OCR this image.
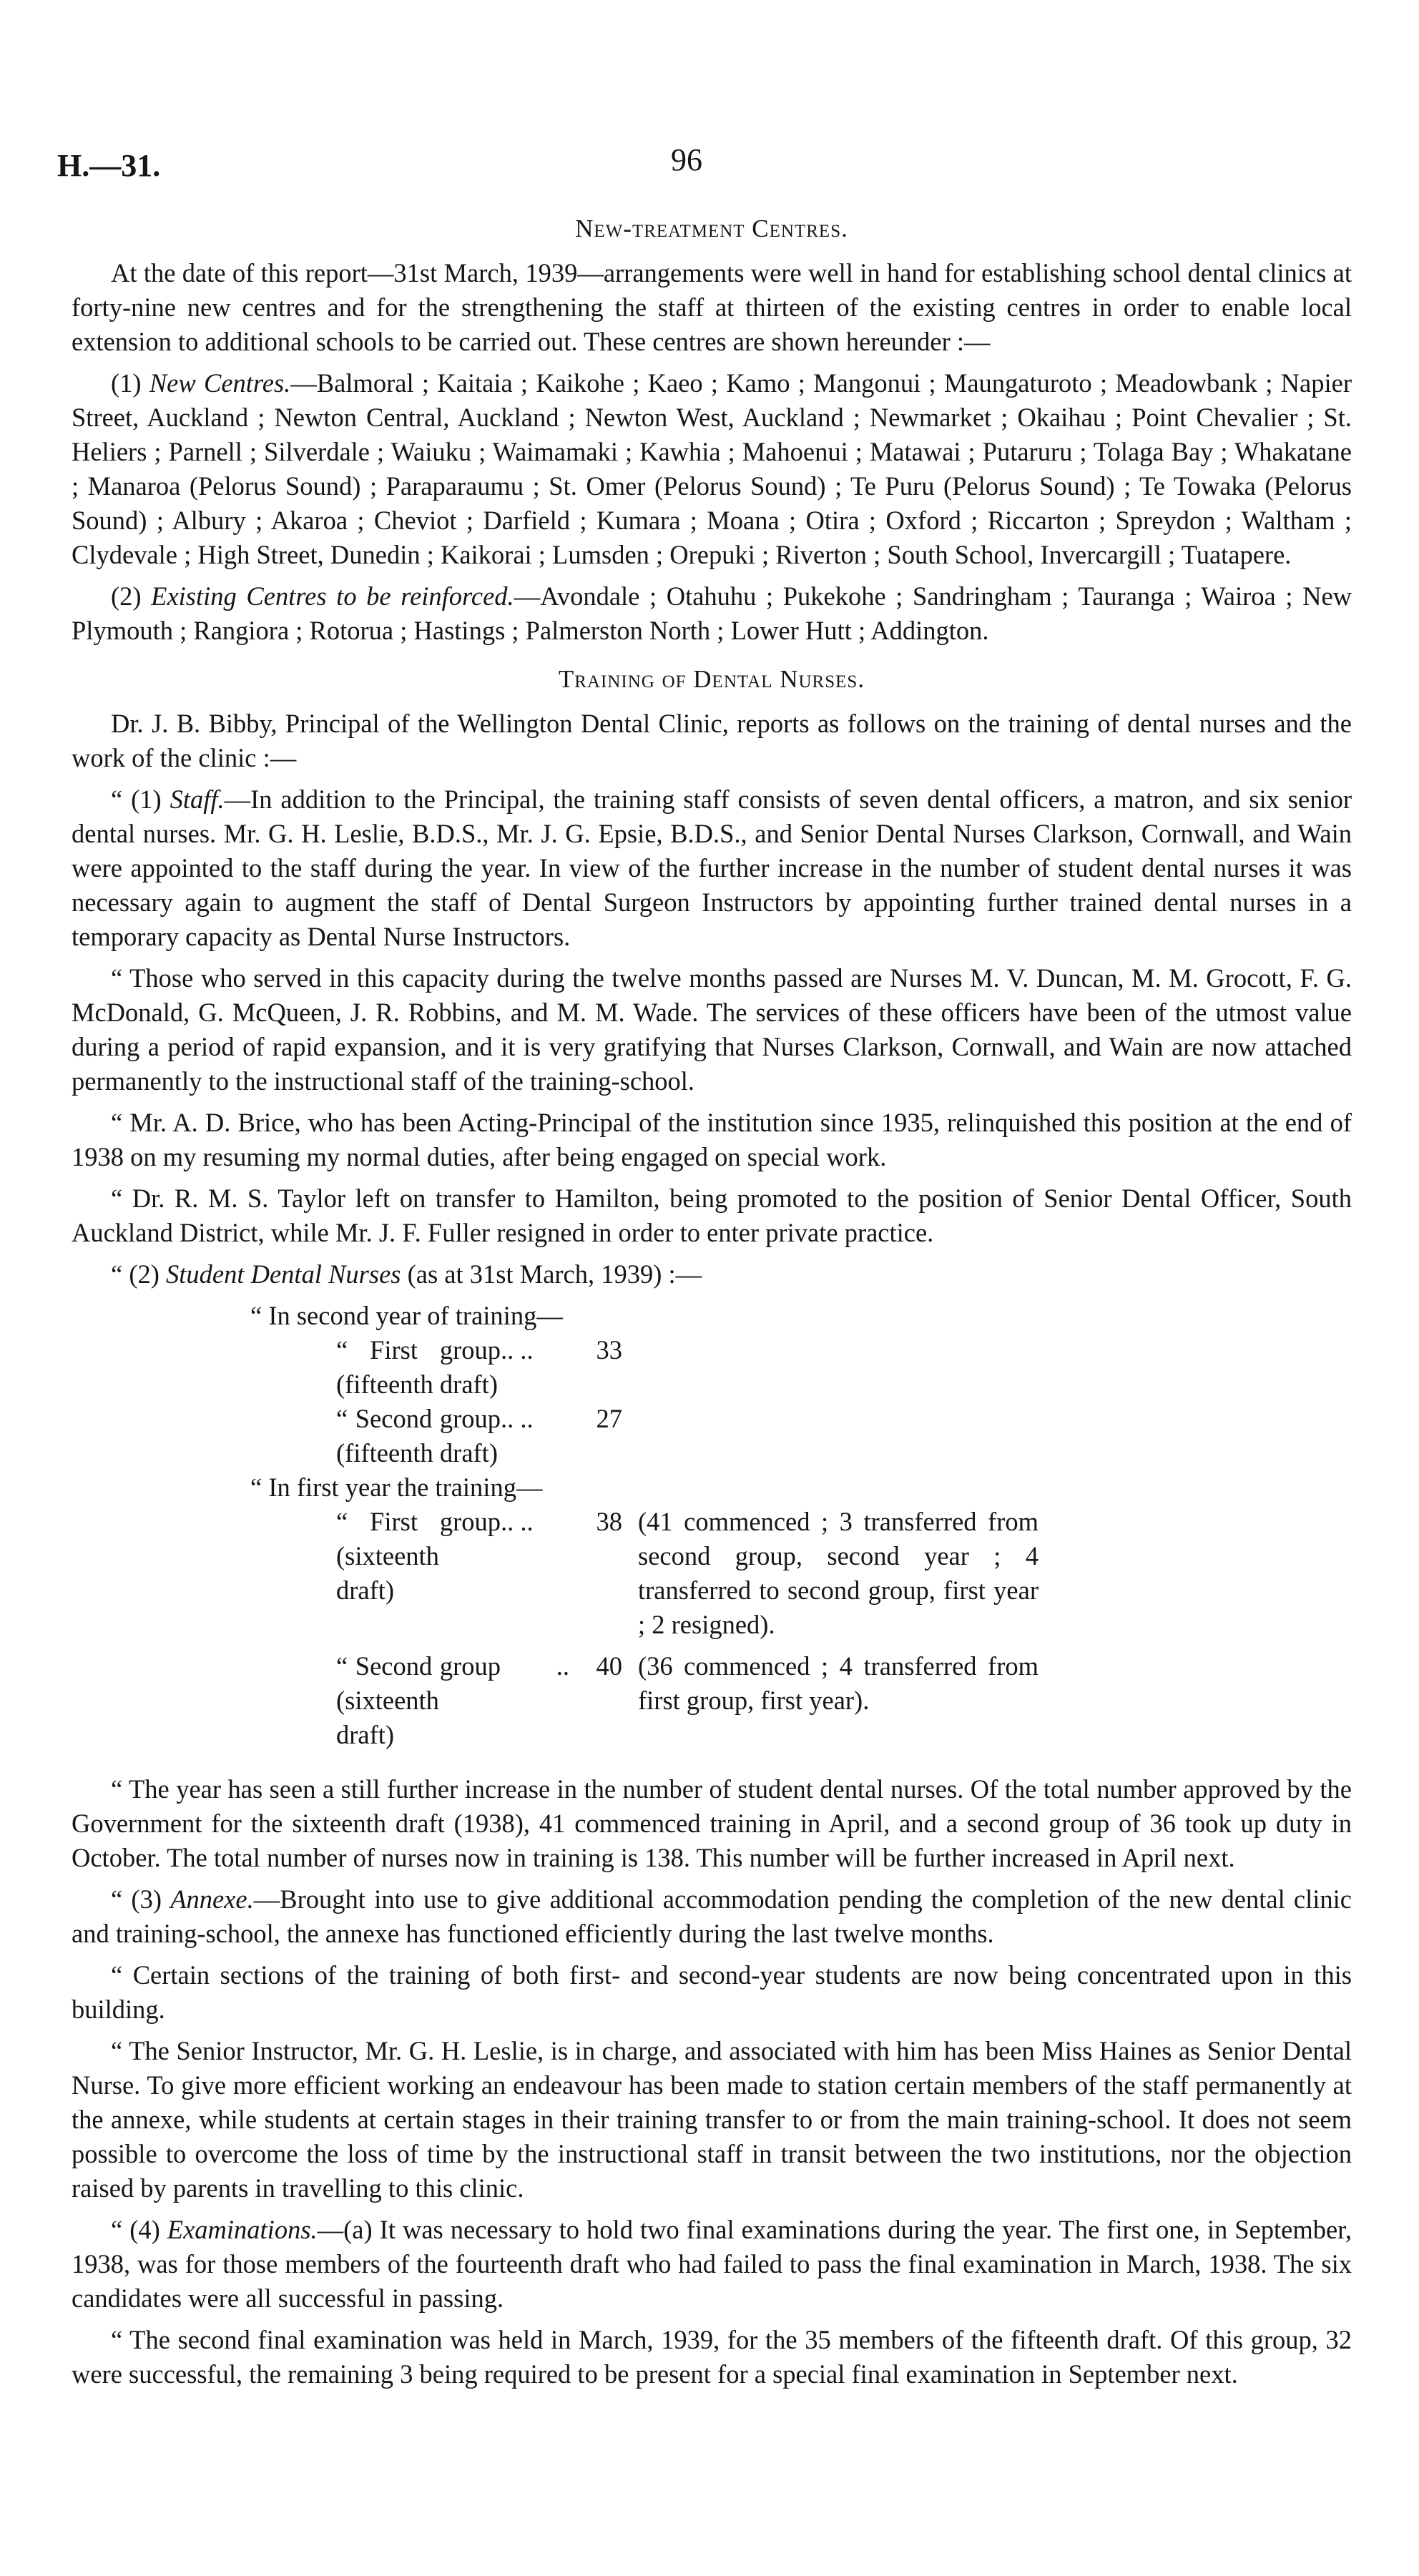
H.—31.	96
New-treatment Centres.

At the date of this report—31st March, 1939—arrangements were well in hand for establishing school dental clinics at forty-nine new centres and for the strengthening the staff at thirteen of the existing centres in order to enable local extension to additional schools to be carried out. These centres are shown hereunder :—

(1) New Centres.—Balmoral ; Kaitaia ; Kaikohe ; Kaeo ; Kamo ; Mangonui ; Maungaturoto ; Meadowbank ; Napier Street, Auckland ; Newton Central, Auckland ; Newton West, Auckland ; Newmarket ; Okaihau ; Point Chevalier ; St. Heliers ; Parnell ; Silverdale ; Waiuku ; Waimamaki ; Kawhia ; Mahoenui ; Matawai ; Putaruru ; Tolaga Bay ; Whakatane ; Manaroa (Pelorus Sound) ; Paraparaumu ; St. Omer (Pelorus Sound) ; Te Puru (Pelorus Sound) ; Te Towaka (Pelorus Sound) ; Albury ; Akaroa ; Cheviot ; Darfield ; Kumara ; Moana ; Otira ; Oxford ; Riccarton ; Spreydon ; Waltham ; Clydevale ; High Street, Dunedin ; Kaikorai ; Lumsden ; Orepuki ; Riverton ; South School, Invercargill ; Tuatapere.

(2) Existing Centres to be reinforced.—Avondale ; Otahuhu ; Pukekohe ; Sandringham ; Tauranga ; Wairoa ; New Plymouth ; Rangiora ; Rotorua ; Hastings ; Palmerston North ; Lower Hutt ; Addington.

Training of Dental Nurses.

Dr. J. B. Bibby, Principal of the Wellington Dental Clinic, reports as follows on the training of dental nurses and the work of the clinic :—

“ (1) Staff.—In addition to the Principal, the training staff consists of seven dental officers, a matron, and six senior dental nurses. Mr. G. H. Leslie, B.D.S., Mr. J. G. Epsie, B.D.S., and Senior Dental Nurses Clarkson, Cornwall, and Wain were appointed to the staff during the year. In view of the further increase in the number of student dental nurses it was necessary again to augment the staff of Dental Surgeon Instructors by appointing further trained dental nurses in a temporary capacity as Dental Nurse Instructors.

“ Those who served in this capacity during the twelve months passed are Nurses M. V. Duncan, M. M. Grocott, F. G. McDonald, G. McQueen, J. R. Robbins, and M. M. Wade. The services of these officers have been of the utmost value during a period of rapid expansion, and it is very gratifying that Nurses Clarkson, Cornwall, and Wain are now attached permanently to the instructional staff of the training-school.

“ Mr. A. D. Brice, who has been Acting-Principal of the institution since 1935, relinquished this position at the end of 1938 on my resuming my normal duties, after being engaged on special work.

“ Dr. R. M. S. Taylor left on transfer to Hamilton, being promoted to the position of Senior Dental Officer, South Auckland District, while Mr. J. F. Fuller resigned in order to enter private practice.

“ (2) Student Dental Nurses (as at 31st March, 1939) :—

“ In second year of training—
“ First group (fifteenth draft)
.. ..	33
“ Second group (fifteenth draft)
.. ..	27
“ In first year the training—
“ First group (sixteenth draft)
.. ..	38 (41 commenced ; 3 transferred from second group, second year ; 4 transferred to second group, first year ; 2 resigned).
“ Second group (sixteenth draft)
..	40 (36 commenced ; 4 transferred from first group, first year).

“ The year has seen a still further increase in the number of student dental nurses. Of the total number approved by the Government for the sixteenth draft (1938), 41 commenced training in April, and a second group of 36 took up duty in October. The total number of nurses now in training is 138. This number will be further increased in April next.

“ (3) Annexe.—Brought into use to give additional accommodation pending the completion of the new dental clinic and training-school, the annexe has functioned efficiently during the last twelve months.

“ Certain sections of the training of both first- and second-year students are now being concentrated upon in this building.

“ The Senior Instructor, Mr. G. H. Leslie, is in charge, and associated with him has been Miss Haines as Senior Dental Nurse. To give more efficient working an endeavour has been made to station certain members of the staff permanently at the annexe, while students at certain stages in their training transfer to or from the main training-school. It does not seem possible to overcome the loss of time by the instructional staff in transit between the two institutions, nor the objection raised by parents in travelling to this clinic.

“ (4) Examinations.—(a) It was necessary to hold two final examinations during the year. The first one, in September, 1938, was for those members of the fourteenth draft who had failed to pass the final examination in March, 1938. The six candidates were all successful in passing.

“ The second final examination was held in March, 1939, for the 35 members of the fifteenth draft. Of this group, 32 were successful, the remaining 3 being required to be present for a special final examination in September next.
